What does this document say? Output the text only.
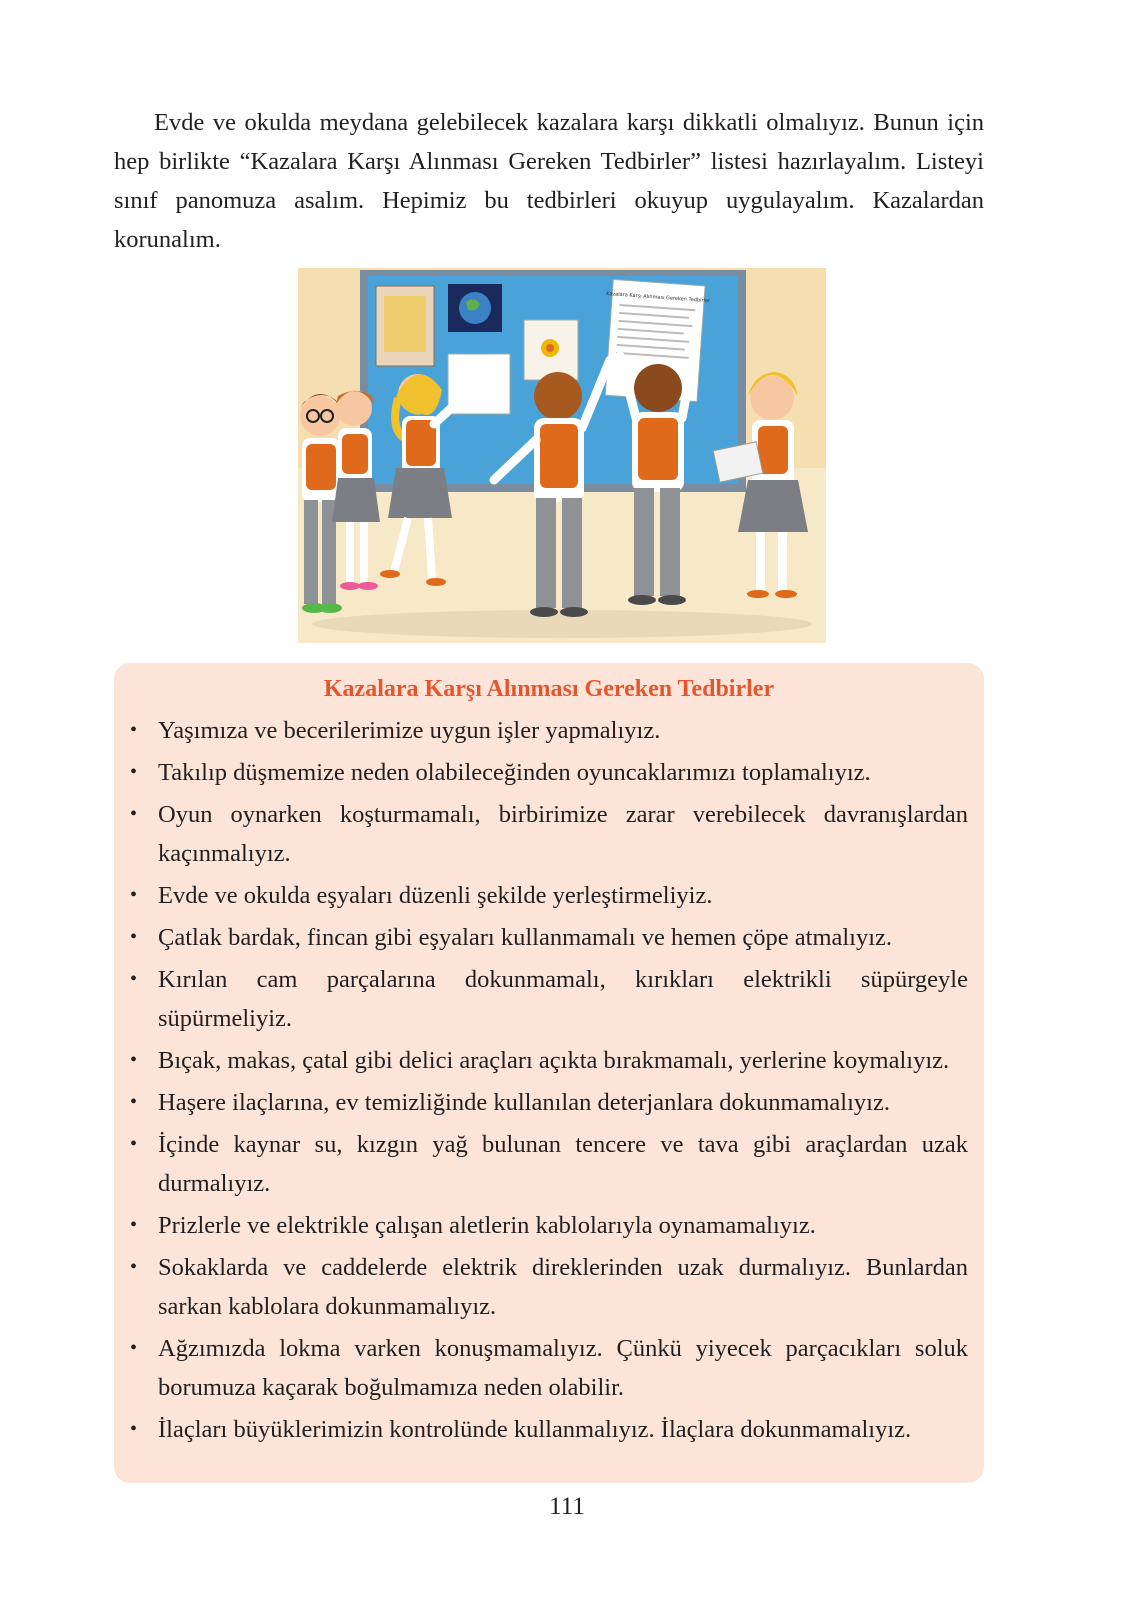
Evde ve okulda meydana gelebilecek kazalara karşı dikkatli olmalıyız. Bunun için hep birlikte “Kazalara Karşı Alınması Gereken Tedbirler” listesi hazırlayalım. Listeyi sınıf panomuza asalım. Hepimiz bu tedbirleri okuyup uygulayalım. Kazalardan korunalım.

Kazalara Karşı Alınması Gereken Tedbirler
Kazalara Karşı Alınması Gereken Tedbirler
• Yaşımıza ve becerilerimize uygun işler yapmalıyız.
• Takılıp düşmemize neden olabileceğinden oyuncaklarımızı toplamalıyız.
• Oyun oynarken koşturmamalı, birbirimize zarar verebilecek davranışlardan kaçınmalıyız.
• Evde ve okulda eşyaları düzenli şekilde yerleştirmeliyiz.
• Çatlak bardak, fincan gibi eşyaları kullanmamalı ve hemen çöpe atmalıyız.
• Kırılan cam parçalarına dokunmamalı, kırıkları elektrikli süpürgeyle süpürmeliyiz.
• Bıçak, makas, çatal gibi delici araçları açıkta bırakmamalı, yerlerine koymalıyız.
• Haşere ilaçlarına, ev temizliğinde kullanılan deterjanlara dokunmamalıyız.
• İçinde kaynar su, kızgın yağ bulunan tencere ve tava gibi araçlardan uzak durmalıyız.
• Prizlerle ve elektrikle çalışan aletlerin kablolarıyla oynamamalıyız.
• Sokaklarda ve caddelerde elektrik direklerinden uzak durmalıyız. Bunlardan sarkan kablolara dokunmamalıyız.
• Ağzımızda lokma varken konuşmamalıyız. Çünkü yiyecek parçacıkları soluk borumuza kaçarak boğulmamıza neden olabilir.
• İlaçları büyüklerimizin kontrolünde kullanmalıyız. İlaçlara dokunmamalıyız.
111
